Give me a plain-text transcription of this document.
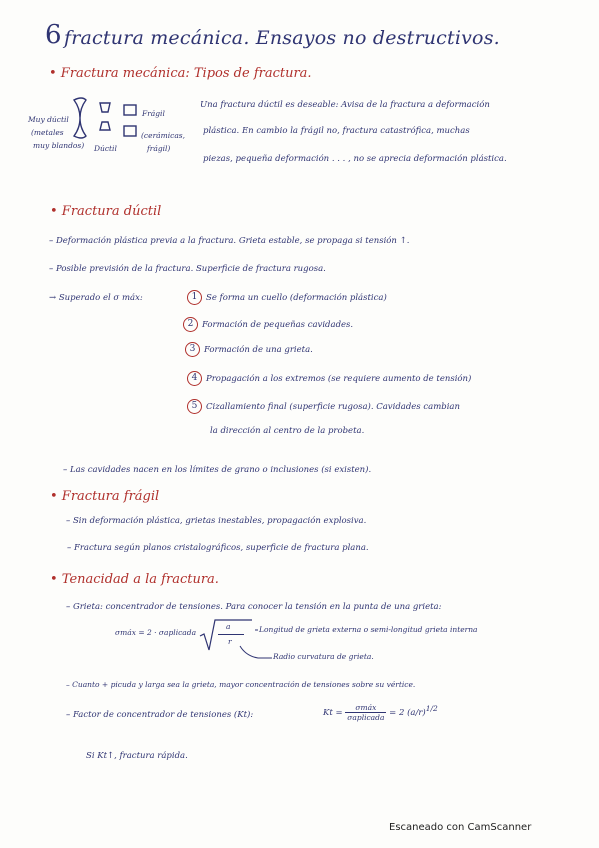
6 fractura mecánica. Ensayos no destructivos.
• Fractura mecánica: Tipos de fractura.
Muy dúctil
(metales
muy blandos) Dúctil
Frágil
(cerámicas,
frágil)
Una fractura dúctil es deseable: Avisa de la fractura a deformación
plástica. En cambio la frágil no, fractura catastrófica, muchas
piezas, pequeña deformación . . . , no se aprecia deformación plástica.
• Fractura dúctil
– Deformación plástica previa a la fractura. Grieta estable, se propaga si tensión ↑.
– Posible previsión de la fractura. Superficie de fractura rugosa.
→ Superado el σ máx:	1 Se forma un cuello (deformación plástica)
2 Formación de pequeñas cavidades.
3 Formación de una grieta.
4 Propagación a los extremos (se requiere aumento de tensión)
5 Cizallamiento final (superficie rugosa). Cavidades cambian
la dirección al centro de la probeta.
– Las cavidades nacen en los límites de grano o inclusiones (si existen).
• Fractura frágil
– Sin deformación plástica, grietas inestables, propagación explosiva.
– Fractura según planos cristalográficos, superficie de fractura plana.
• Tenacidad a la fractura.
– Grieta: concentrador de tensiones. Para conocer la tensión en la punta de una grieta:
σmáx = 2 · σaplicada
a
r
Longitud de grieta externa o semi-longitud grieta interna
Radio curvatura de grieta.
– Cuanto + picuda y larga sea la grieta, mayor concentración de tensiones sobre su vértice.
– Factor de concentrador de tensiones (Kt):	$Kt = \frac{\text{σmáx}}{\text{σaplicada}} = 2$ $(a/r)^{1/2}$
Si Kt↑, fractura rápida.
Escaneado con CamScanner
